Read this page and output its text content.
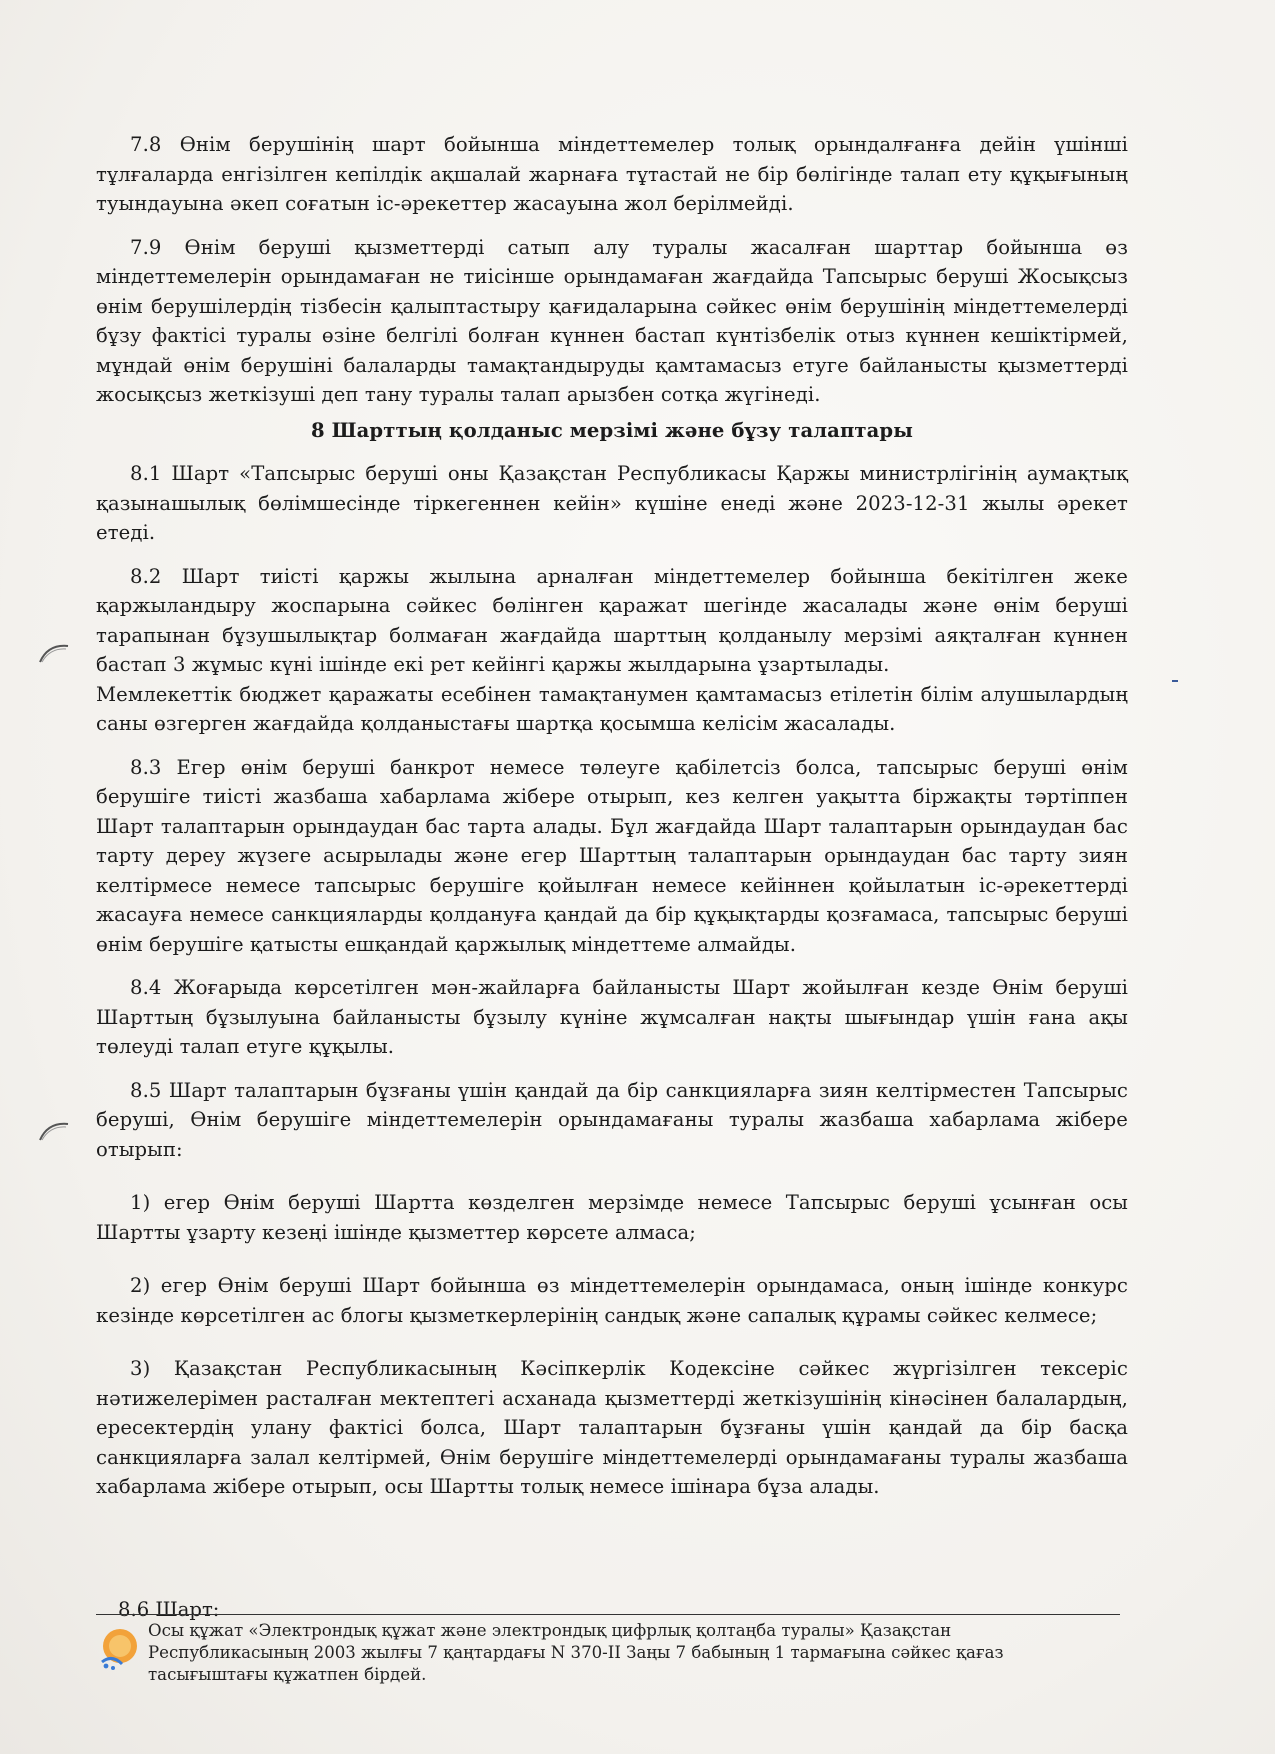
7.8 Өнім берушінің шарт бойынша міндеттемелер толық орындалғанға дейін үшінші тұлғаларда енгізілген кепілдік ақшалай жарнаға тұтастай не бір бөлігінде талап ету құқығының туындауына әкеп соғатын іс-әрекеттер жасауына жол берілмейді.

7.9 Өнім беруші қызметтерді сатып алу туралы жасалған шарттар бойынша өз міндеттемелерін орындамаған не тиісінше орындамаған жағдайда Тапсырыс беруші Жосықсыз өнім берушілердің тізбесін қалыптастыру қағидаларына сәйкес өнім берушінің міндеттемелерді бұзу фактісі туралы өзіне белгілі болған күннен бастап күнтізбелік отыз күннен кешіктірмей, мұндай өнім берушіні балаларды тамақтандыруды қамтамасыз етуге байланысты қызметтерді жосықсыз жеткізуші деп тану туралы талап арызбен сотқа жүгінеді.

8 Шарттың қолданыс мерзімі және бұзу талаптары

8.1 Шарт «Тапсырыс беруші оны Қазақстан Республикасы Қаржы министрлігінің аумақтық қазынашылық бөлімшесінде тіркегеннен кейін» күшіне енеді және 2023-12-31 жылы әрекет етеді.

8.2 Шарт тиісті қаржы жылына арналған міндеттемелер бойынша бекітілген жеке қаржыландыру жоспарына сәйкес бөлінген қаражат шегінде жасалады және өнім беруші тарапынан бұзушылықтар болмаған жағдайда шарттың қолданылу мерзімі аяқталған күннен бастап 3 жұмыс күні ішінде екі рет кейінгі қаржы жылдарына ұзартылады.

Мемлекеттік бюджет қаражаты есебінен тамақтанумен қамтамасыз етілетін білім алушылардың саны өзгерген жағдайда қолданыстағы шартқа қосымша келісім жасалады.

8.3 Егер өнім беруші банкрот немесе төлеуге қабілетсіз болса, тапсырыс беруші өнім берушіге тиісті жазбаша хабарлама жібере отырып, кез келген уақытта біржақты тәртіппен Шарт талаптарын орындаудан бас тарта алады. Бұл жағдайда Шарт талаптарын орындаудан бас тарту дереу жүзеге асырылады және егер Шарттың талаптарын орындаудан бас тарту зиян келтірмесе немесе тапсырыс берушіге қойылған немесе кейіннен қойылатын іс-әрекеттерді жасауға немесе санкцияларды қолдануға қандай да бір құқықтарды қозғамаса, тапсырыс беруші өнім берушіге қатысты ешқандай қаржылық міндеттеме алмайды.

8.4 Жоғарыда көрсетілген мән-жайларға байланысты Шарт жойылған кезде Өнім беруші Шарттың бұзылуына байланысты бұзылу күніне жұмсалған нақты шығындар үшін ғана ақы төлеуді талап етуге құқылы.

8.5 Шарт талаптарын бұзғаны үшін қандай да бір санкцияларға зиян келтірместен Тапсырыс беруші, Өнім берушіге міндеттемелерін орындамағаны туралы жазбаша хабарлама жібере отырып:

1) егер Өнім беруші Шартта көзделген мерзімде немесе Тапсырыс беруші ұсынған осы Шартты ұзарту кезеңі ішінде қызметтер көрсете алмаса;

2) егер Өнім беруші Шарт бойынша өз міндеттемелерін орындамаса, оның ішінде конкурс кезінде көрсетілген ас блогы қызметкерлерінің сандық және сапалық құрамы сәйкес келмесе;

3) Қазақстан Республикасының Кәсіпкерлік Кодексіне сәйкес жүргізілген тексеріс нәтижелерімен расталған мектептегі асханада қызметтерді жеткізушінің кінәсінен балалардың, ересектердің улану фактісі болса, Шарт талаптарын бұзғаны үшін қандай да бір басқа санкцияларға залал келтірмей, Өнім берушіге міндеттемелерді орындамағаны туралы жазбаша хабарлама жібере отырып, осы Шартты толық немесе ішінара бұза алады.

8.6 Шарт:
Осы құжат «Электрондық құжат және электрондық цифрлық қолтаңба туралы» Қазақстан
Республикасының 2003 жылғы 7 қаңтардағы N 370-II Заңы 7 бабының 1 тармағына сәйкес қағаз
тасығыштағы құжатпен бірдей.
